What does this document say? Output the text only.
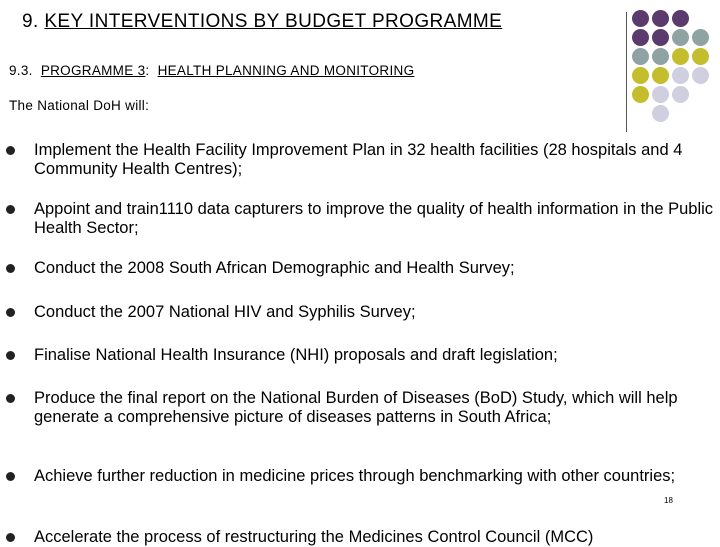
9. KEY INTERVENTIONS BY BUDGET PROGRAMME
9.3. PROGRAMME 3: HEALTH PLANNING AND MONITORING
The National DoH will:
Implement the Health Facility Improvement Plan in 32 health facilities (28 hospitals and 4 Community Health Centres);
Appoint and train1110 data capturers to improve the quality of health information in the Public Health Sector;
Conduct the 2008 South African Demographic and Health Survey;
Conduct the 2007 National HIV and Syphilis Survey;
Finalise National Health Insurance (NHI) proposals and draft legislation;
Produce the final report on the National Burden of Diseases (BoD) Study, which will help generate a comprehensive picture of diseases patterns in South Africa;
Achieve further reduction in medicine prices through benchmarking with other countries;
Accelerate the process of restructuring the Medicines Control Council (MCC)
18
